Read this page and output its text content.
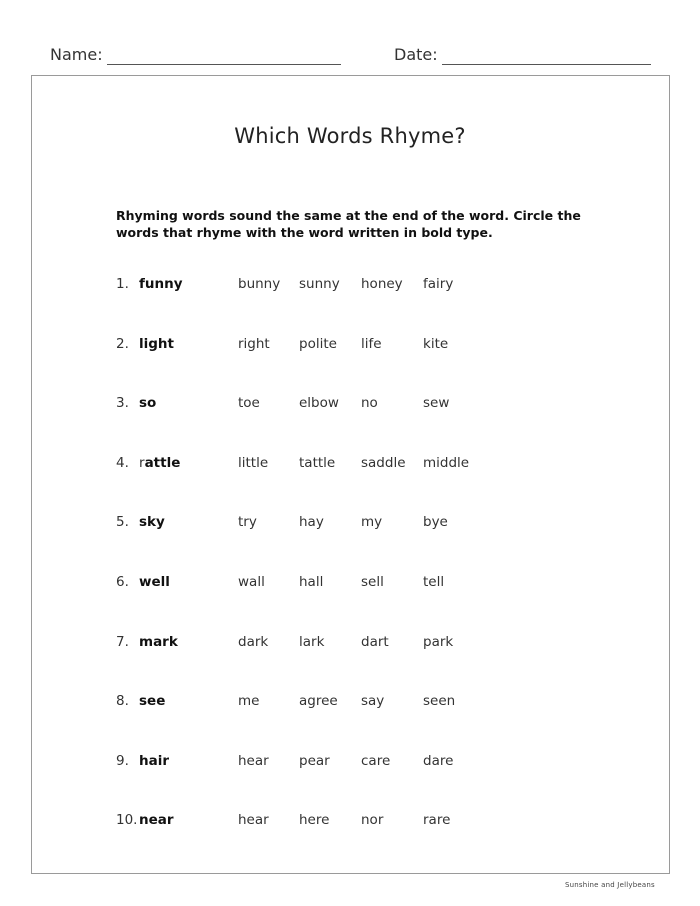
Name:	Date:
Which Words Rhyme?
Rhyming words sound the same at the end of the word. Circle the words that rhyme with the word written in bold type.
1. funny	bunny sunny honey fairy
2. light	right polite life	kite
3. so	toe	elbow no	sew
4. rattle	little tattle saddle middle
5. sky	try	hay	my	bye
6. well	wall	hall	sell	tell
7. mark	dark lark	dart	park
8. see	me	agree say	seen
9. hair	hear pear care dare
10. near	hear here nor	rare
Sunshine and Jellybeans
